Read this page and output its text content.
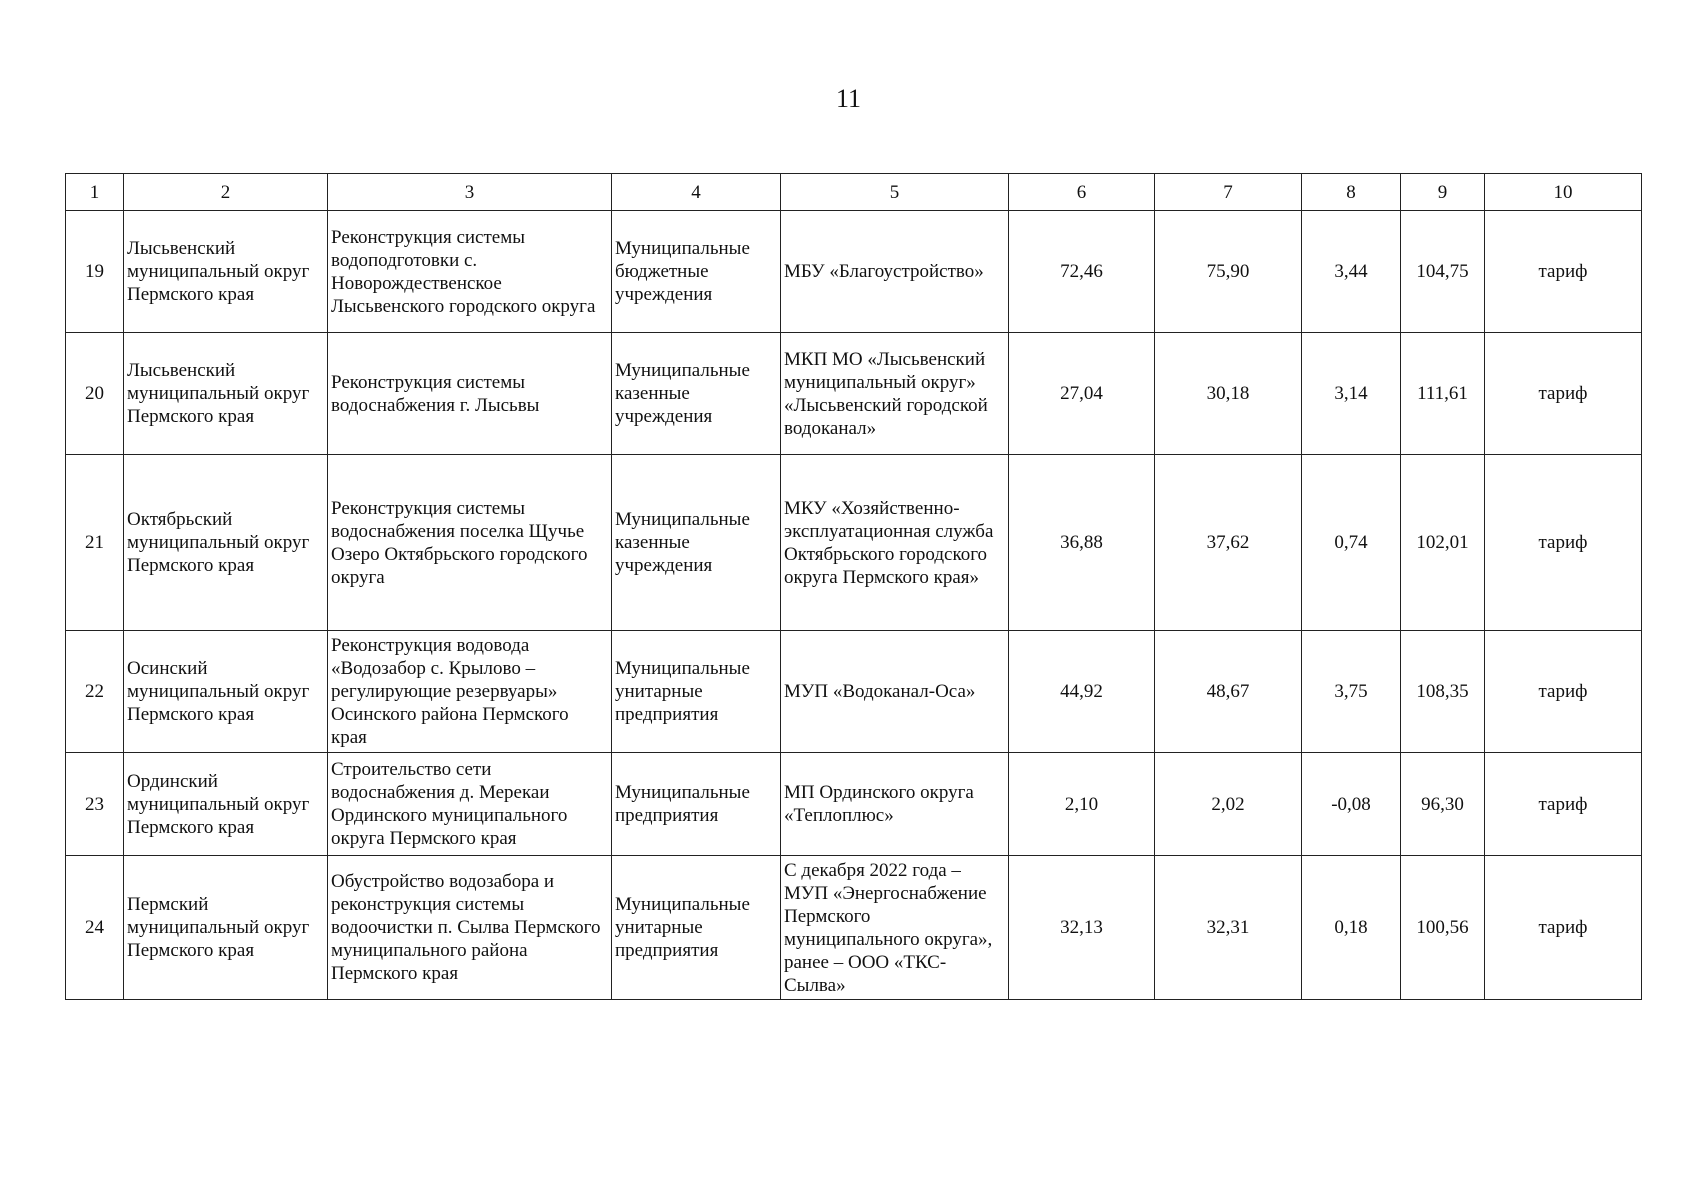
11
1	2	3	4	5	6	7	8	9	10
19	Лысьвенский муниципальный округ Пермского края	Реконструкция системы водоподготовки с. Новорождественское Лысьвенского городского округа	Муниципальные бюджетные учреждения	МБУ «Благоустройство»	72,46	75,90	3,44	104,75	тариф
20	Лысьвенский муниципальный округ Пермского края	Реконструкция системы водоснабжения г. Лысьвы	Муниципальные казенные учреждения	МКП МО «Лысьвенский муниципальный округ» «Лысьвенский городской водоканал»	27,04	30,18	3,14	111,61	тариф
21	Октябрьский муниципальный округ Пермского края	Реконструкция системы водоснабжения поселка Щучье Озеро Октябрьского городского округа	Муниципальные казенные учреждения	МКУ «Хозяйственно-эксплуатационная служба Октябрьского городского округа Пермского края»	36,88	37,62	0,74	102,01	тариф
22	Осинский муниципальный округ Пермского края	Реконструкция водовода «Водозабор с. Крылово – регулирующие резервуары» Осинского района Пермского края	Муниципальные унитарные предприятия	МУП «Водоканал-Оса»	44,92	48,67	3,75	108,35	тариф
23	Ординский муниципальный округ Пермского края	Строительство сети водоснабжения д. Мерекаи Ординского муниципального округа Пермского края	Муниципальные предприятия	МП Ординского округа «Теплоплюс»	2,10	2,02	-0,08	96,30	тариф
24	Пермский муниципальный округ Пермского края	Обустройство водозабора и реконструкция системы водоочистки п. Сылва Пермского муниципального района Пермского края	Муниципальные унитарные предприятия	С декабря 2022 года – МУП «Энергоснабжение Пермского муниципального округа», ранее – ООО «ТКС-Сылва»	32,13	32,31	0,18	100,56	тариф
